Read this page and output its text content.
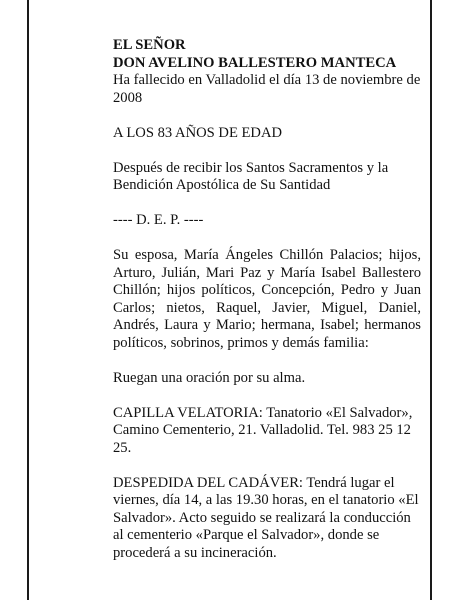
EL SEÑOR
DON AVELINO BALLESTERO MANTECA
Ha fallecido en Valladolid el día 13 de noviembre de 2008
A LOS 83 AÑOS DE EDAD
Después de recibir los Santos Sacramentos y la Bendición Apostólica de Su Santidad
---- D. E. P. ----
Su esposa, María Ángeles Chillón Palacios; hijos, Arturo, Julián, Mari Paz y María Isabel Ballestero Chillón; hijos políticos, Concepción, Pedro y Juan Carlos; nietos, Raquel, Javier, Miguel, Daniel, Andrés, Laura y Mario; hermana, Isabel; hermanos políticos, sobrinos, primos y demás familia:
Ruegan una oración por su alma.
CAPILLA VELATORIA: Tanatorio «El Salvador», Camino Cementerio, 21. Valladolid. Tel. 983 25 12 25.
DESPEDIDA DEL CADÁVER: Tendrá lugar el viernes, día 14, a las 19.30 horas, en el tanatorio «El Salvador». Acto seguido se realizará la conducción al cementerio «Parque el Salvador», donde se procederá a su incineración.
